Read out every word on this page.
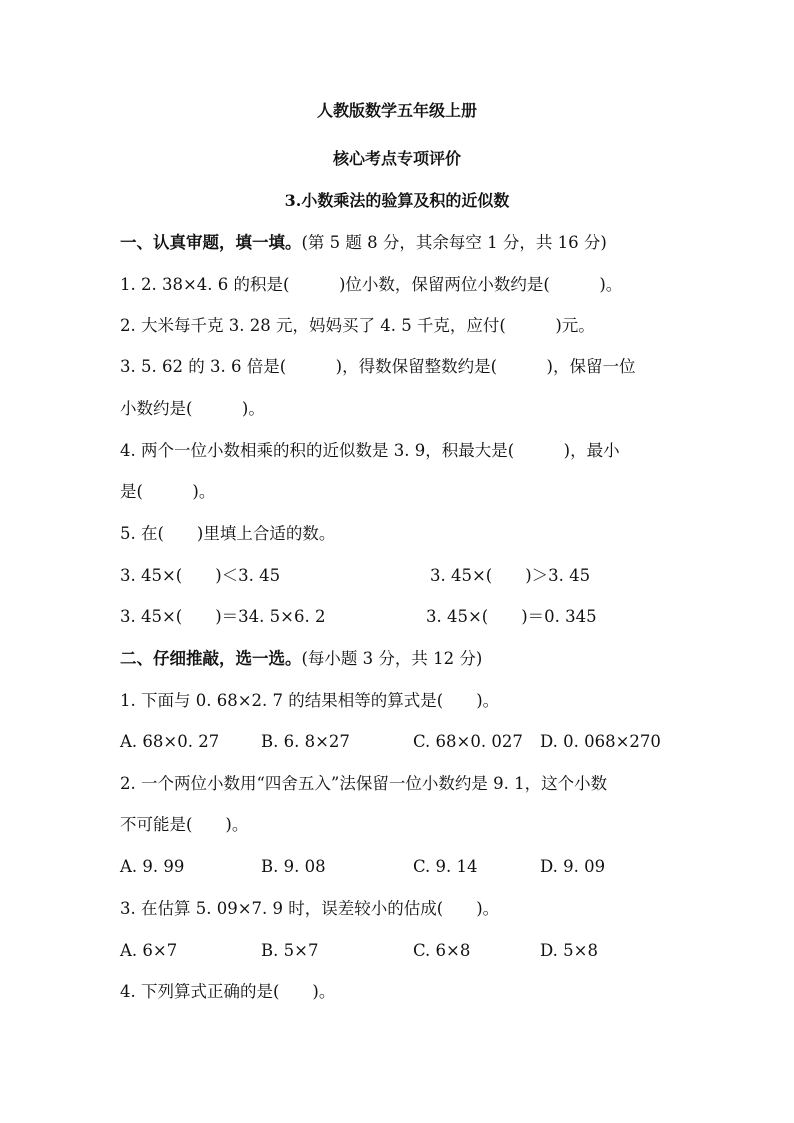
人教版数学五年级上册
核心考点专项评价
3.小数乘法的验算及积的近似数
一、认真审题，填一填。(第 5 题 8 分，其余每空 1 分，共 16 分)
1. 2. 38×4. 6 的积是(　　　)位小数，保留两位小数约是(　　　)。
2. 大米每千克 3. 28 元，妈妈买了 4. 5 千克，应付(　　　)元。
3. 5. 62 的 3. 6 倍是(　　　)，得数保留整数约是(　　　)，保留一位
小数约是(　　　)。
4. 两个一位小数相乘的积的近似数是 3. 9，积最大是(　　　)，最小
是(　　　)。
5. 在(　　)里填上合适的数。
3. 45×(　　)＜3. 45	3. 45×(　　)＞3. 45
3. 45×(　　)＝34. 5×6. 2	3. 45×(　　)＝0. 345
二、仔细推敲，选一选。(每小题 3 分，共 12 分)
1. 下面与 0. 68×2. 7 的结果相等的算式是(　　)。
A. 68×0. 27	B. 6. 8×27	C. 68×0. 027 D. 0. 068×270
2. 一个两位小数用“四舍五入”法保留一位小数约是 9. 1，这个小数
不可能是(　　)。
A. 9. 99	B. 9. 08	C. 9. 14	D. 9. 09
3. 在估算 5. 09×7. 9 时，误差较小的估成(　　)。
A. 6×7	B. 5×7	C. 6×8	D. 5×8
4. 下列算式正确的是(　　)。
